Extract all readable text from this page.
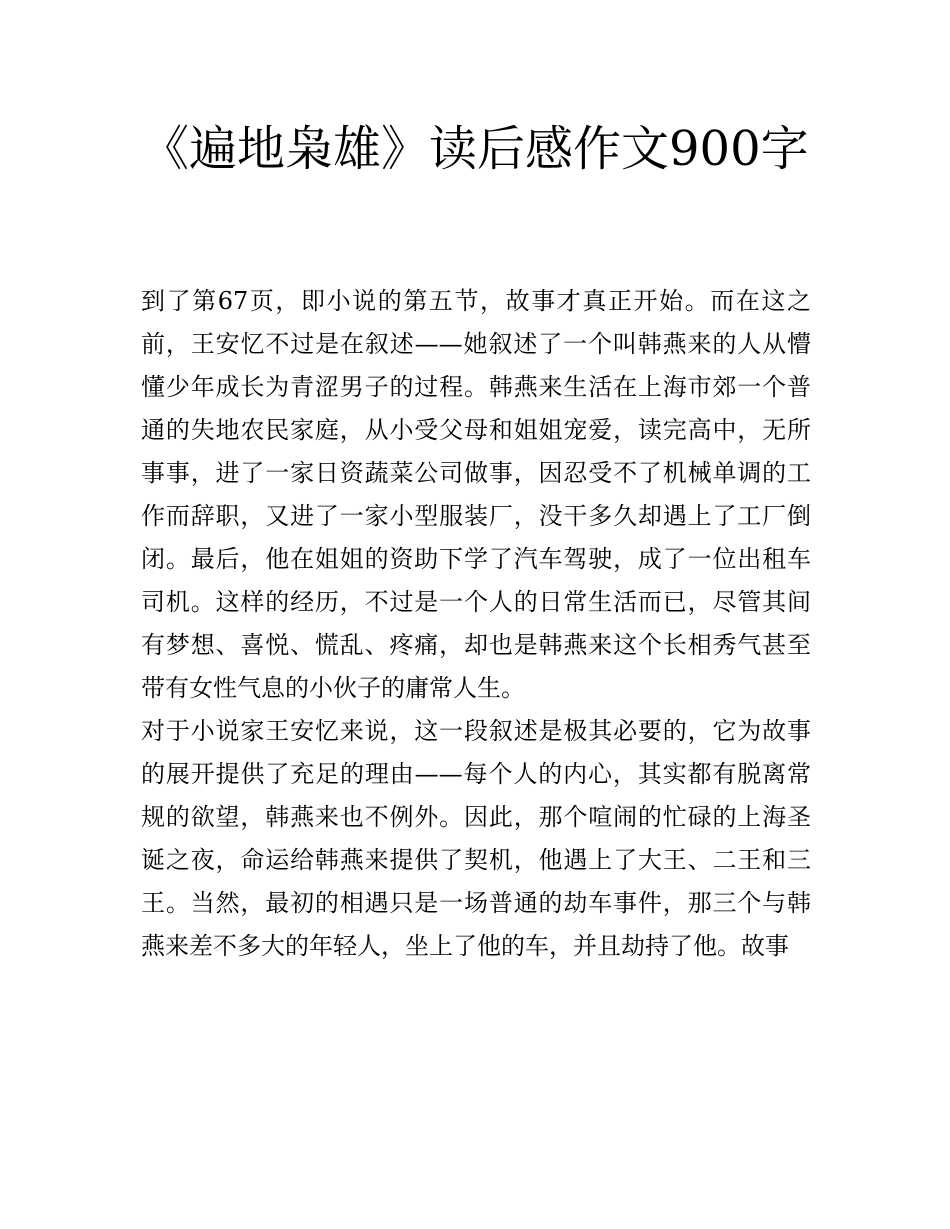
《遍地枭雄》读后感作文900字

到了第67页，即小说的第五节，故事才真正开始。而在这之前，王安忆不过是在叙述——她叙述了一个叫韩燕来的人从懵懂少年成长为青涩男子的过程。韩燕来生活在上海市郊一个普通的失地农民家庭，从小受父母和姐姐宠爱，读完高中，无所事事，进了一家日资蔬菜公司做事，因忍受不了机械单调的工作而辞职，又进了一家小型服装厂，没干多久却遇上了工厂倒闭。最后，他在姐姐的资助下学了汽车驾驶，成了一位出租车司机。这样的经历，不过是一个人的日常生活而已，尽管其间有梦想、喜悦、慌乱、疼痛，却也是韩燕来这个长相秀气甚至带有女性气息的小伙子的庸常人生。

对于小说家王安忆来说，这一段叙述是极其必要的，它为故事的展开提供了充足的理由——每个人的内心，其实都有脱离常规的欲望，韩燕来也不例外。因此，那个喧闹的忙碌的上海圣诞之夜，命运给韩燕来提供了契机，他遇上了大王、二王和三王。当然，最初的相遇只是一场普通的劫车事件，那三个与韩燕来差不多大的年轻人，坐上了他的车，并且劫持了他。故事
